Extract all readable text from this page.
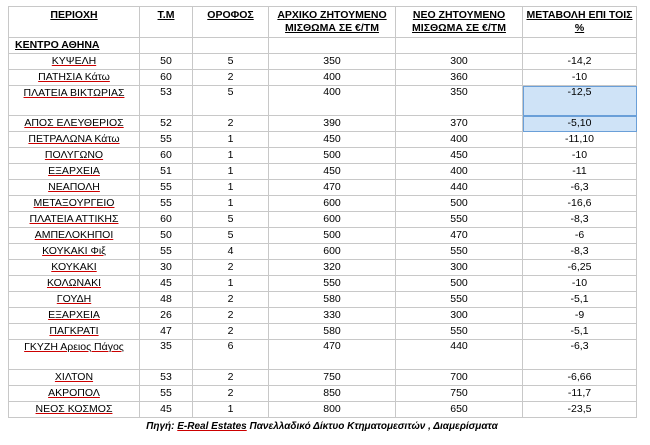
ΠΕΡΙΟΧΗ	Τ.Μ	ΟΡΟΦΟΣ	ΑΡΧΙΚΟ ΖΗΤΟΥΜΕΝΟ ΜΙΣΘΩΜΑ ΣΕ €/ΤΜ	ΝΕΟ ΖΗΤΟΥΜΕΝΟ ΜΙΣΘΩΜΑ ΣΕ €/ΤΜ	ΜΕΤΑΒΟΛΗ ΕΠΙ ΤΟΙΣ %
ΚΕΝΤΡΟ ΑΘΗΝΑ					
ΚΥΨΕΛΗ	50	5	350	300	-14,2
ΠΑΤΗΣΙΑ Κάτω	60	2	400	360	-10
ΠΛΑΤΕΙΑ ΒΙΚΤΩΡΙΑΣ	53	5	400	350	-12,5
ΑΠΟΣ ΕΛΕΥΘΕΡΙΟΣ	52	2	390	370	-5,10
ΠΕΤΡΑΛΩΝΑ Κάτω	55	1	450	400	-11,10
ΠΟΛΥΓΩΝΟ	60	1	500	450	-10
ΕΞΑΡΧΕΙΑ	51	1	450	400	-11
ΝΕΑΠΟΛΗ	55	1	470	440	-6,3
ΜΕΤΑΞΟΥΡΓΕΙΟ	55	1	600	500	-16,6
ΠΛΑΤΕΙΑ ΑΤΤΙΚΗΣ	60	5	600	550	-8,3
ΑΜΠΕΛΟΚΗΠΟΙ	50	5	500	470	-6
ΚΟΥΚΑΚΙ Φιξ	55	4	600	550	-8,3
ΚΟΥΚΑΚΙ	30	2	320	300	-6,25
ΚΟΛΩΝΑΚΙ	45	1	550	500	-10
ΓΟΥΔΗ	48	2	580	550	-5,1
ΕΞΑΡΧΕΙΑ	26	2	330	300	-9
ΠΑΓΚΡΑΤΙ	47	2	580	550	-5,1
ΓΚΥΖΗ Αρειος Πάγος	35	6	470	440	-6,3
ΧΙΛΤΟΝ	53	2	750	700	-6,66
ΑΚΡΟΠΟΛ	55	2	850	750	-11,7
ΝΕΟΣ ΚΟΣΜΟΣ	45	1	800	650	-23,5
Πηγή: E-Real Estates Πανελλαδικό Δίκτυο Κτηματομεσιτών , Διαμερίσματα
